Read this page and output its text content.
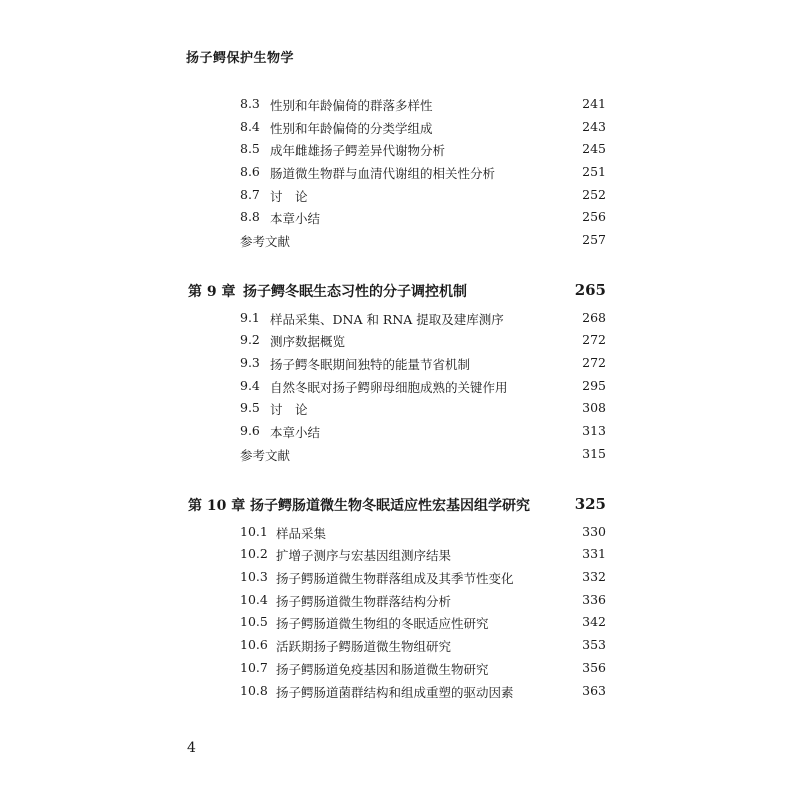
扬子鳄保护生物学
8.3 性别和年龄偏倚的群落多样性	241
8.4 性别和年龄偏倚的分类学组成	243
8.5 成年雌雄扬子鳄差异代谢物分析	245
8.6 肠道微生物群与血清代谢组的相关性分析	251
8.7 讨　论	252
8.8 本章小结	256
参考文献	257
第 9 章 扬子鳄冬眠生态习性的分子调控机制	265
9.1 样品采集、DNA 和 RNA 提取及建库测序	268
9.2 测序数据概览	272
9.3 扬子鳄冬眠期间独特的能量节省机制	272
9.4 自然冬眠对扬子鳄卵母细胞成熟的关键作用	295
9.5 讨　论	308
9.6 本章小结	313
参考文献	315
第 10 章 扬子鳄肠道微生物冬眠适应性宏基因组学研究	325
10.1 样品采集	330
10.2 扩增子测序与宏基因组测序结果	331
10.3 扬子鳄肠道微生物群落组成及其季节性变化	332
10.4 扬子鳄肠道微生物群落结构分析	336
10.5 扬子鳄肠道微生物组的冬眠适应性研究	342
10.6 活跃期扬子鳄肠道微生物组研究	353
10.7 扬子鳄肠道免疫基因和肠道微生物研究	356
10.8 扬子鳄肠道菌群结构和组成重塑的驱动因素	363
4
